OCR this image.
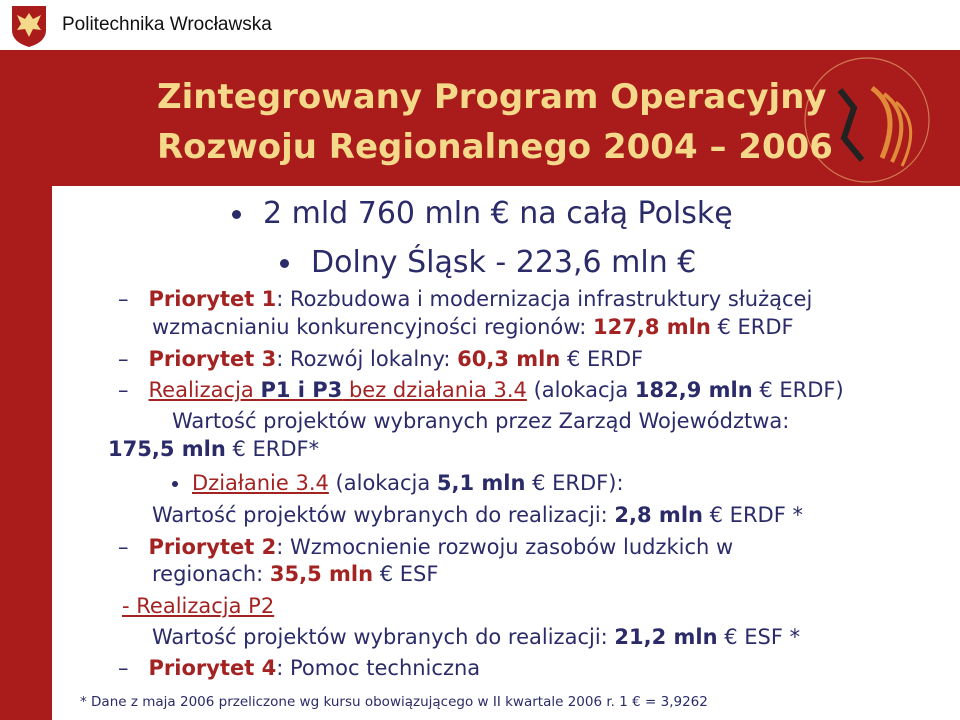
Politechnika Wrocławska
Zintegrowany Program Operacyjny
Rozwoju Regionalnego 2004 – 2006
2 mld 760 mln € na całą Polskę
Dolny Śląsk - 223,6 mln €
– Priorytet 1: Rozbudowa i modernizacja infrastruktury służącej
wzmacnianiu konkurencyjności regionów: 127,8 mln € ERDF
– Priorytet 3: Rozwój lokalny: 60,3 mln € ERDF
– Realizacja P1 i P3 bez działania 3.4 (alokacja 182,9 mln € ERDF)
Wartość projektów wybranych przez Zarząd Województwa:
175,5 mln € ERDF*
Działanie 3.4 (alokacja 5,1 mln € ERDF):
Wartość projektów wybranych do realizacji: 2,8 mln € ERDF *
– Priorytet 2: Wzmocnienie rozwoju zasobów ludzkich w
regionach: 35,5 mln € ESF
- Realizacja P2
Wartość projektów wybranych do realizacji: 21,2 mln € ESF *
– Priorytet 4: Pomoc techniczna
* Dane z maja 2006 przeliczone wg kursu obowiązującego w II kwartale 2006 r. 1 € = 3,9262
